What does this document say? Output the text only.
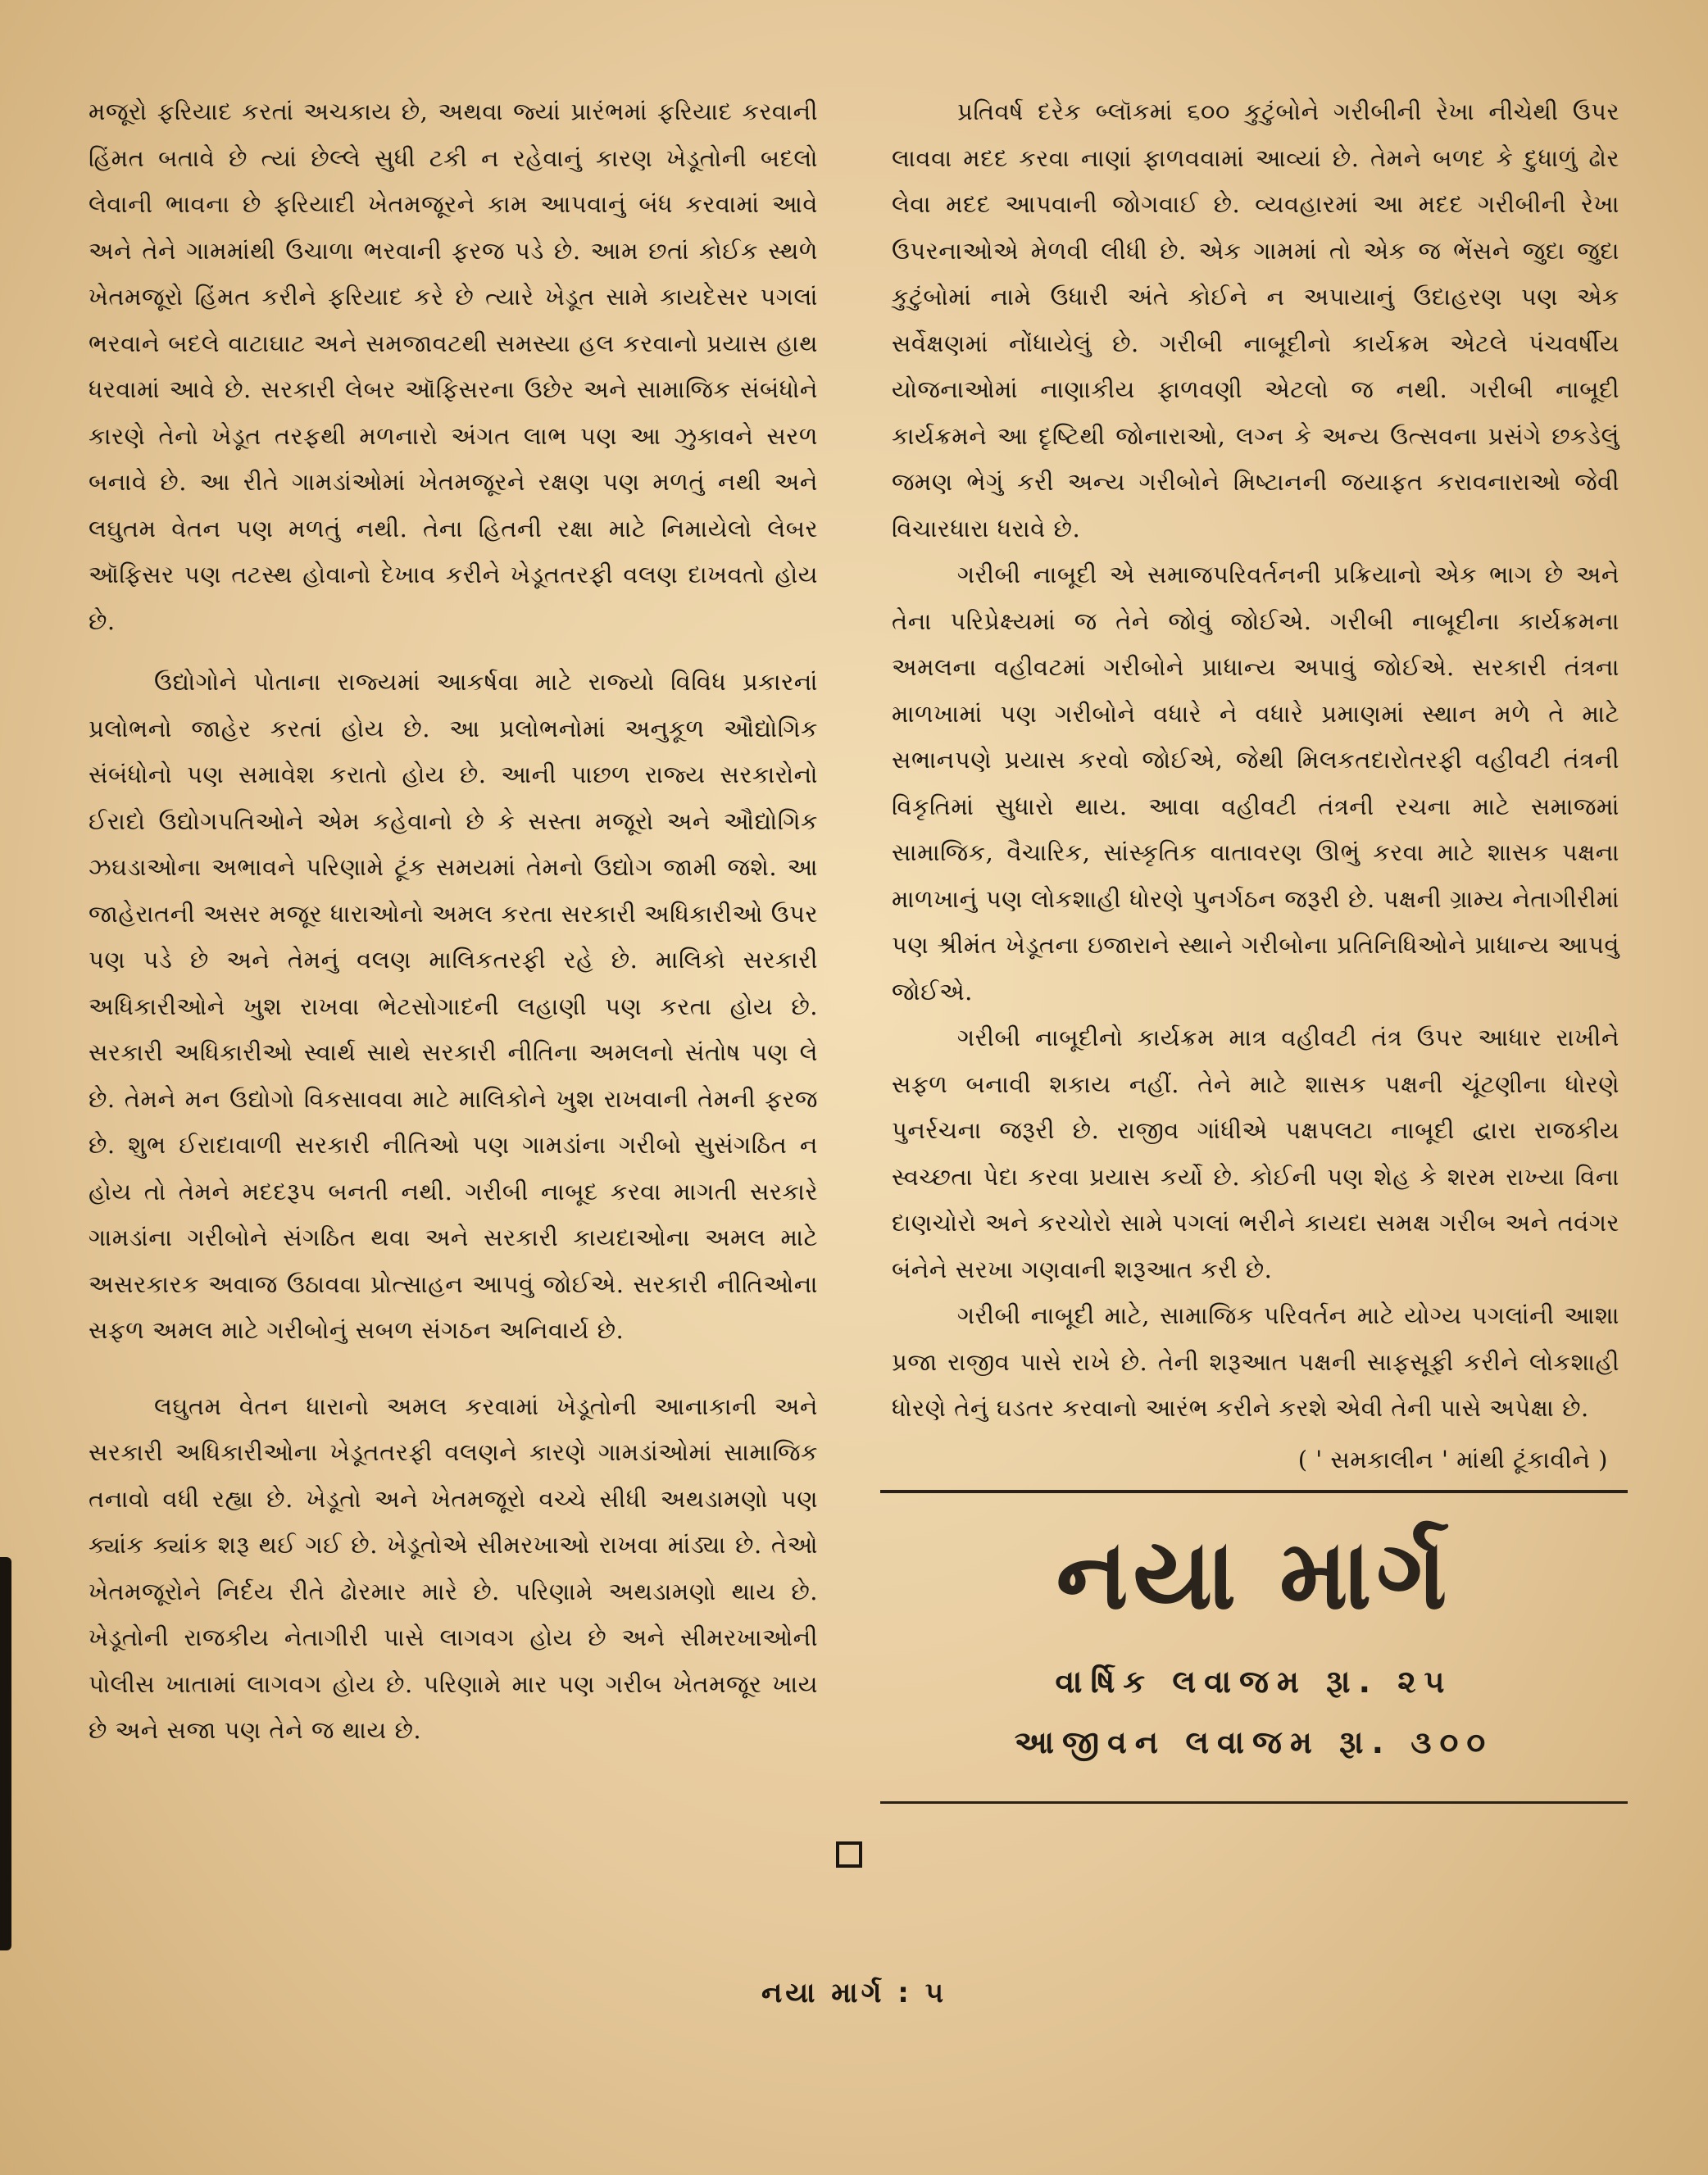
મજૂરો ફરિયાદ કરતાં અચકાય છે, અથવા જ્યાં પ્રારંભમાં ફરિયાદ કરવાની હિંમત બતાવે છે ત્યાં છેલ્લે સુધી ટકી ન રહેવાનું કારણ ખેડૂતોની બદલો લેવાની ભાવના છે ફરિયાદી ખેતમજૂરને કામ આપવાનું બંધ કરવામાં આવે અને તેને ગામમાંથી ઉચાળા ભરવાની ફરજ પડે છે. આમ છતાં કોઈક સ્થળે ખેતમજૂરો હિંમત કરીને ફરિયાદ કરે છે ત્યારે ખેડૂત સામે કાયદેસર પગલાં ભરવાને બદલે વાટાઘાટ અને સમજાવટથી સમસ્યા હલ કરવાનો પ્રયાસ હાથ ધરવામાં આવે છે. સરકારી લેબર ઑફિસરના ઉછેર અને સામાજિક સંબંધોને કારણે તેનો ખેડૂત તરફથી મળનારો અંગત લાભ પણ આ ઝુકાવને સરળ બનાવે છે. આ રીતે ગામડાંઓમાં ખેતમજૂરને રક્ષણ પણ મળતું નથી અને લઘુતમ વેતન પણ મળતું નથી. તેના હિતની રક્ષા માટે નિમાયેલો લેબર ઑફિસર પણ તટસ્થ હોવાનો દેખાવ કરીને ખેડૂતતરફી વલણ દાખવતો હોય છે.

ઉદ્યોગોને પોતાના રાજ્યમાં આકર્ષવા માટે રાજ્યો વિવિધ પ્રકારનાં પ્રલોભનો જાહેર કરતાં હોય છે. આ પ્રલોભનોમાં અનુકૂળ ઔદ્યોગિક સંબંધોનો પણ સમાવેશ કરાતો હોય છે. આની પાછળ રાજ્ય સરકારોનો ઈરાદો ઉદ્યોગપતિઓને એમ કહેવાનો છે કે સસ્તા મજૂરો અને ઔદ્યોગિક ઝઘડાઓના અભાવને પરિણામે ટૂંક સમયમાં તેમનો ઉદ્યોગ જામી જશે. આ જાહેરાતની અસર મજૂર ધારાઓનો અમલ કરતા સરકારી અધિકારીઓ ઉપર પણ પડે છે અને તેમનું વલણ માલિકતરફી રહે છે. માલિકો સરકારી અધિકારીઓને ખુશ રાખવા ભેટસોગાદની લહાણી પણ કરતા હોય છે. સરકારી અધિકારીઓ સ્વાર્થ સાથે સરકારી નીતિના અમલનો સંતોષ પણ લે છે. તેમને મન ઉદ્યોગો વિકસાવવા માટે માલિકોને ખુશ રાખવાની તેમની ફરજ છે. શુભ ઈરાદાવાળી સરકારી નીતિઓ પણ ગામડાંના ગરીબો સુસંગઠિત ન હોય તો તેમને મદદરૂપ બનતી નથી. ગરીબી નાબૂદ કરવા માગતી સરકારે ગામડાંના ગરીબોને સંગઠિત થવા અને સરકારી કાયદાઓના અમલ માટે અસરકારક અવાજ ઉઠાવવા પ્રોત્સાહન આપવું જોઈએ. સરકારી નીતિઓના સફળ અમલ માટે ગરીબોનું સબળ સંગઠન અનિવાર્ય છે.

લઘુતમ વેતન ધારાનો અમલ કરવામાં ખેડૂતોની આનાકાની અને સરકારી અધિકારીઓના ખેડૂતતરફી વલણને કારણે ગામડાંઓમાં સામાજિક તનાવો વધી રહ્યા છે. ખેડૂતો અને ખેતમજૂરો વચ્ચે સીધી અથડામણો પણ ક્યાંક ક્યાંક શરૂ થઈ ગઈ છે. ખેડૂતોએ સીમરખાઓ રાખવા માંડ્યા છે. તેઓ ખેતમજૂરોને નિર્દય રીતે ઢોરમાર મારે છે. પરિણામે અથડામણો થાય છે. ખેડૂતોની રાજકીય નેતાગીરી પાસે લાગવગ હોય છે અને સીમરખાઓની પોલીસ ખાતામાં લાગવગ હોય છે. પરિણામે માર પણ ગરીબ ખેતમજૂર ખાય છે અને સજા પણ તેને જ થાય છે.

પ્રતિવર્ષ દરેક બ્લૉકમાં ૬૦૦ કુટુંબોને ગરીબીની રેખા નીચેથી ઉપર લાવવા મદદ કરવા નાણાં ફાળવવામાં આવ્યાં છે. તેમને બળદ કે દુધાળું ઢોર લેવા મદદ આપવાની જોગવાઈ છે. વ્યવહારમાં આ મદદ ગરીબીની રેખા ઉપરનાઓએ મેળવી લીધી છે. એક ગામમાં તો એક જ ભેંસને જુદા જુદા કુટુંબોમાં નામે ઉધારી અંતે કોઈને ન અપાયાનું ઉદાહરણ પણ એક સર્વેક્ષણમાં નોંધાયેલું છે. ગરીબી નાબૂદીનો કાર્યક્રમ એટલે પંચવર્ષીય યોજનાઓમાં નાણાકીય ફાળવણી એટલો જ નથી. ગરીબી નાબૂદી કાર્યક્રમને આ દૃષ્ટિથી જોનારાઓ, લગ્ન કે અન્ય ઉત્સવના પ્રસંગે છકડેલું જમણ ભેગું કરી અન્ય ગરીબોને મિષ્ટાનની જયાફત કરાવનારાઓ જેવી વિચારધારા ધરાવે છે.

ગરીબી નાબૂદી એ સમાજપરિવર્તનની પ્રક્રિયાનો એક ભાગ છે અને તેના પરિપ્રેક્ષ્યમાં જ તેને જોવું જોઈએ. ગરીબી નાબૂદીના કાર્યક્રમના અમલના વહીવટમાં ગરીબોને પ્રાધાન્ય અપાવું જોઈએ. સરકારી તંત્રના માળખામાં પણ ગરીબોને વધારે ને વધારે પ્રમાણમાં સ્થાન મળે તે માટે સભાનપણે પ્રયાસ કરવો જોઈએ, જેથી મિલકતદારોતરફી વહીવટી તંત્રની વિકૃતિમાં સુધારો થાય. આવા વહીવટી તંત્રની રચના માટે સમાજમાં સામાજિક, વૈચારિક, સાંસ્કૃતિક વાતાવરણ ઊભું કરવા માટે શાસક પક્ષના માળખાનું પણ લોકશાહી ધોરણે પુનર્ગઠન જરૂરી છે. પક્ષની ગ્રામ્ય નેતાગીરીમાં પણ શ્રીમંત ખેડૂતના ઇજારાને સ્થાને ગરીબોના પ્રતિનિધિઓને પ્રાધાન્ય આપવું જોઈએ.

ગરીબી નાબૂદીનો કાર્યક્રમ માત્ર વહીવટી તંત્ર ઉપર આધાર રાખીને સફળ બનાવી શકાય નહીં. તેને માટે શાસક પક્ષની ચૂંટણીના ધોરણે પુનર્રચના જરૂરી છે. રાજીવ ગાંધીએ પક્ષપલટા નાબૂદી દ્વારા રાજકીય સ્વચ્છતા પેદા કરવા પ્રયાસ કર્યો છે. કોઈની પણ શેહ કે શરમ રાખ્યા વિના દાણચોરો અને કરચોરો સામે પગલાં ભરીને કાયદા સમક્ષ ગરીબ અને તવંગર બંનેને સરખા ગણવાની શરૂઆત કરી છે.

ગરીબી નાબૂદી માટે, સામાજિક પરિવર્તન માટે યોગ્ય પગલાંની આશા પ્રજા રાજીવ પાસે રાખે છે. તેની શરૂઆત પક્ષની સાફસૂફી કરીને લોકશાહી ધોરણે તેનું ઘડતર કરવાનો આરંભ કરીને કરશે એવી તેની પાસે અપેક્ષા છે.

( ' સમકાલીન ' માંથી ટૂંકાવીને )
નયા માર્ગ
વાર્ષિક લવાજમ રૂા. ૨૫
આજીવન લવાજમ રૂા. ૩૦૦
નયા માર્ગ : ૫
